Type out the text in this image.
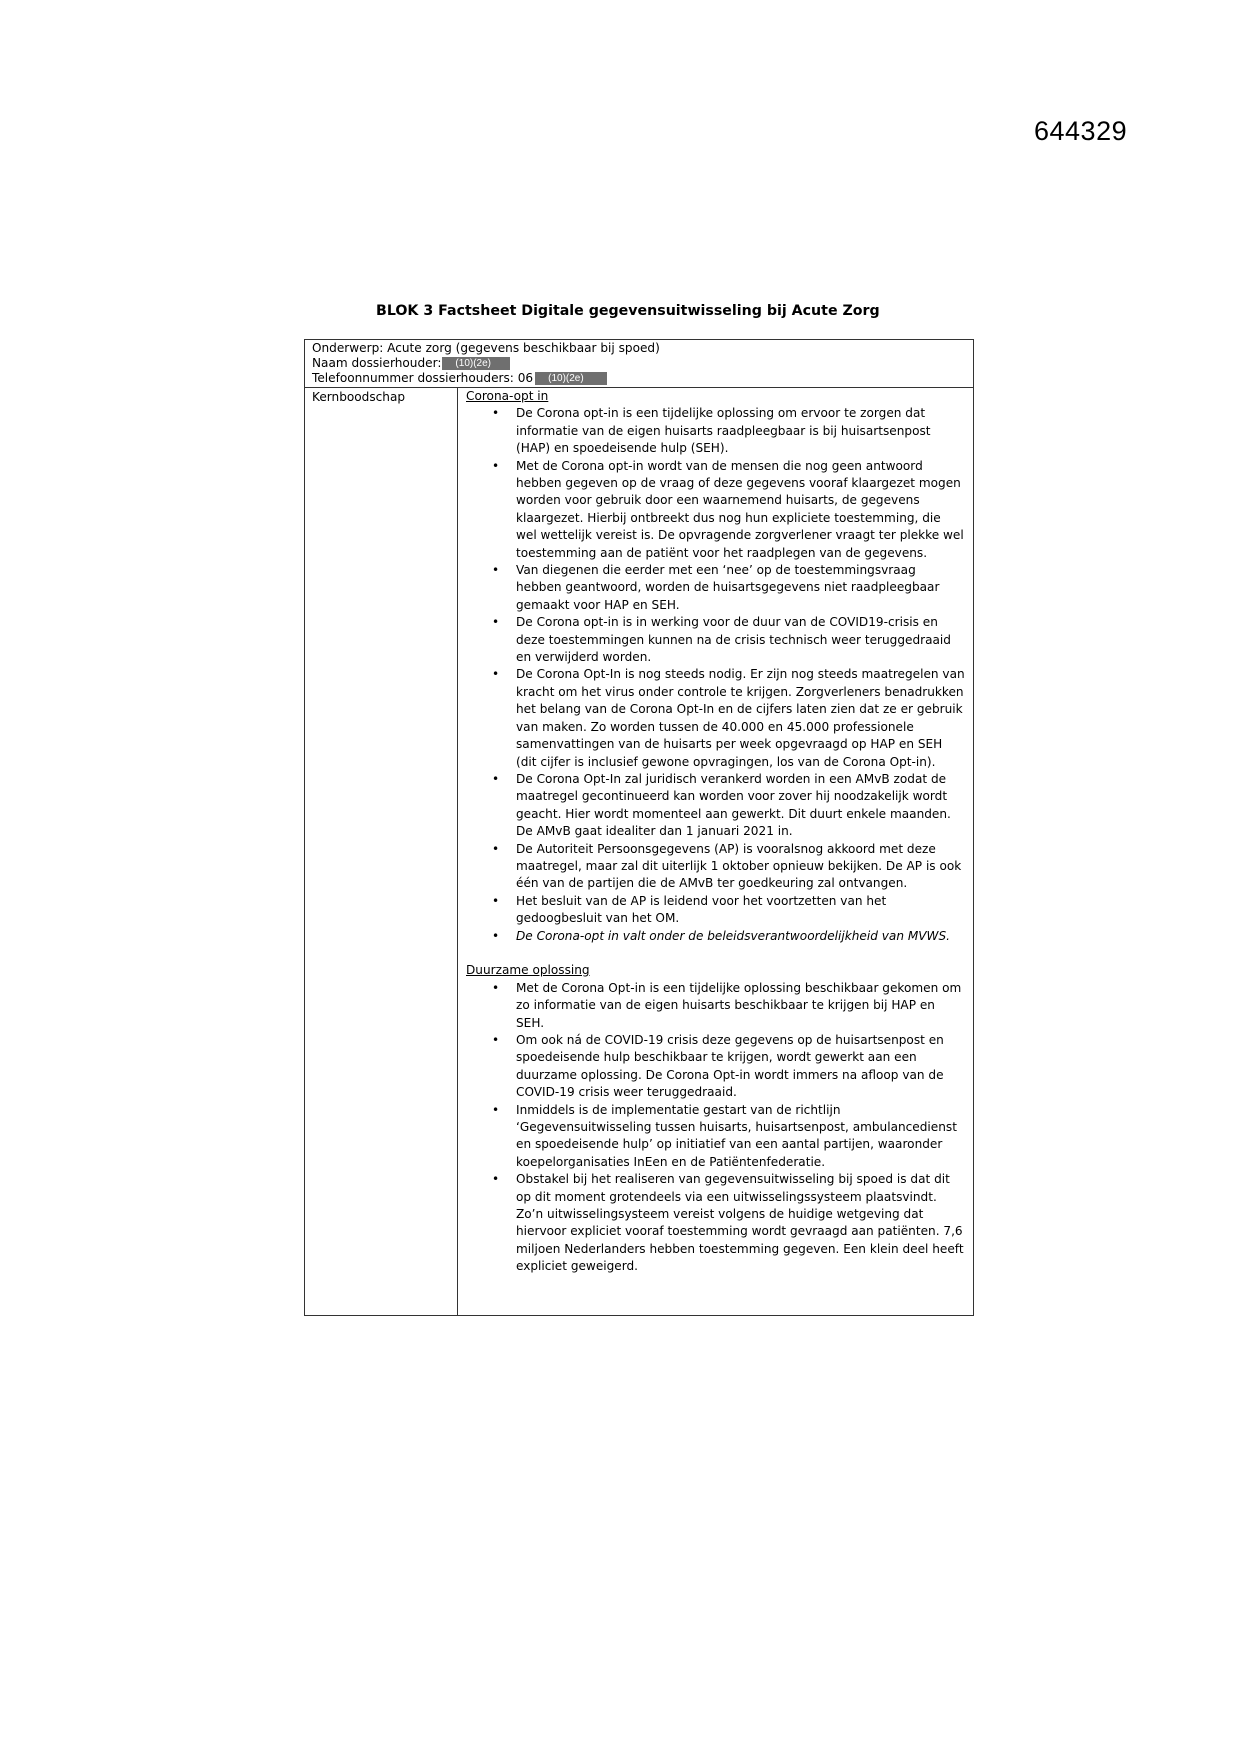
644329
BLOK 3 Factsheet Digitale gegevensuitwisseling bij Acute Zorg
Onderwerp: Acute zorg (gegevens beschikbaar bij spoed)
Naam dossierhouder: (10)(2e)
Telefoonnummer dossierhouders: 06 (10)(2e)
Kernboodschap	Corona-opt in
• De Corona opt-in is een tijdelijke oplossing om ervoor te zorgen dat informatie van de eigen huisarts raadpleegbaar is bij huisartsenpost (HAP) en spoedeisende hulp (SEH).
• Met de Corona opt-in wordt van de mensen die nog geen antwoord hebben gegeven op de vraag of deze gegevens vooraf klaargezet mogen worden voor gebruik door een waarnemend huisarts, de gegevens klaargezet. Hierbij ontbreekt dus nog hun expliciete toestemming, die wel wettelijk vereist is. De opvragende zorgverlener vraagt ter plekke wel toestemming aan de patiënt voor het raadplegen van de gegevens.
• Van diegenen die eerder met een ‘nee’ op de toestemmingsvraag hebben geantwoord, worden de huisartsgegevens niet raadpleegbaar gemaakt voor HAP en SEH.
• De Corona opt-in is in werking voor de duur van de COVID19-crisis en deze toestemmingen kunnen na de crisis technisch weer teruggedraaid en verwijderd worden.
• De Corona Opt-In is nog steeds nodig. Er zijn nog steeds maatregelen van kracht om het virus onder controle te krijgen. Zorgverleners benadrukken het belang van de Corona Opt-In en de cijfers laten zien dat ze er gebruik van maken. Zo worden tussen de 40.000 en 45.000 professionele samenvattingen van de huisarts per week opgevraagd op HAP en SEH (dit cijfer is inclusief gewone opvragingen, los van de Corona Opt-in).
• De Corona Opt-In zal juridisch verankerd worden in een AMvB zodat de maatregel gecontinueerd kan worden voor zover hij noodzakelijk wordt geacht. Hier wordt momenteel aan gewerkt. Dit duurt enkele maanden. De AMvB gaat idealiter dan 1 januari 2021 in.
• De Autoriteit Persoonsgegevens (AP) is vooralsnog akkoord met deze maatregel, maar zal dit uiterlijk 1 oktober opnieuw bekijken. De AP is ook één van de partijen die de AMvB ter goedkeuring zal ontvangen.
• Het besluit van de AP is leidend voor het voortzetten van het gedoogbesluit van het OM.
• De Corona-opt in valt onder de beleidsverantwoordelijkheid van MVWS.
Duurzame oplossing
• Met de Corona Opt-in is een tijdelijke oplossing beschikbaar gekomen om zo informatie van de eigen huisarts beschikbaar te krijgen bij HAP en SEH.
• Om ook ná de COVID-19 crisis deze gegevens op de huisartsenpost en spoedeisende hulp beschikbaar te krijgen, wordt gewerkt aan een duurzame oplossing. De Corona Opt-in wordt immers na afloop van de COVID-19 crisis weer teruggedraaid.
• Inmiddels is de implementatie gestart van de richtlijn ‘Gegevensuitwisseling tussen huisarts, huisartsenpost, ambulancedienst en spoedeisende hulp’ op initiatief van een aantal partijen, waaronder koepelorganisaties InEen en de Patiëntenfederatie.
• Obstakel bij het realiseren van gegevensuitwisseling bij spoed is dat dit op dit moment grotendeels via een uitwisselingssysteem plaatsvindt. Zo’n uitwisselingsysteem vereist volgens de huidige wetgeving dat hiervoor expliciet vooraf toestemming wordt gevraagd aan patiënten. 7,6 miljoen Nederlanders hebben toestemming gegeven. Een klein deel heeft expliciet geweigerd.
